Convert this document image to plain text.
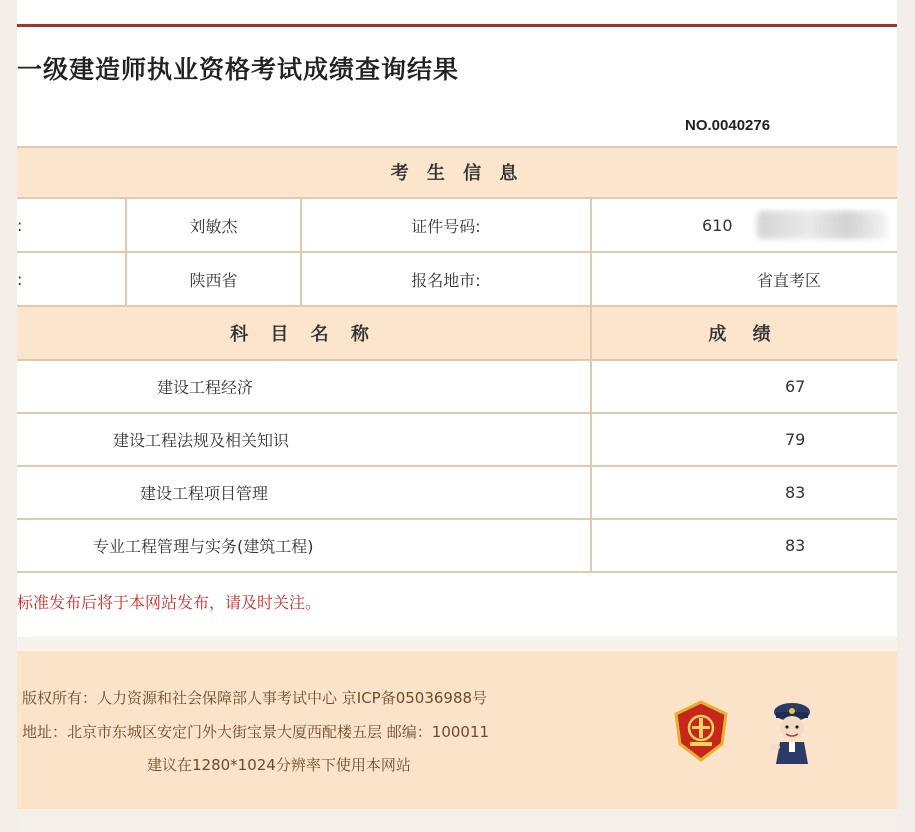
一级建造师执业资格考试成绩查询结果
NO.0040276
考 生 信 息
:	刘敏杰	证件号码:	610
:	陕西省	报名地市:	省直考区
科 目 名 称	成 绩
建设工程经济	67
建设工程法规及相关知识	79
建设工程项目管理	83
专业工程管理与实务(建筑工程)	83
标准发布后将于本网站发布，请及时关注。
版权所有：人力资源和社会保障部人事考试中心 京ICP备05036988号
地址：北京市东城区安定门外大街宝景大厦西配楼五层 邮编：100011
建议在1280*1024分辨率下使用本网站
